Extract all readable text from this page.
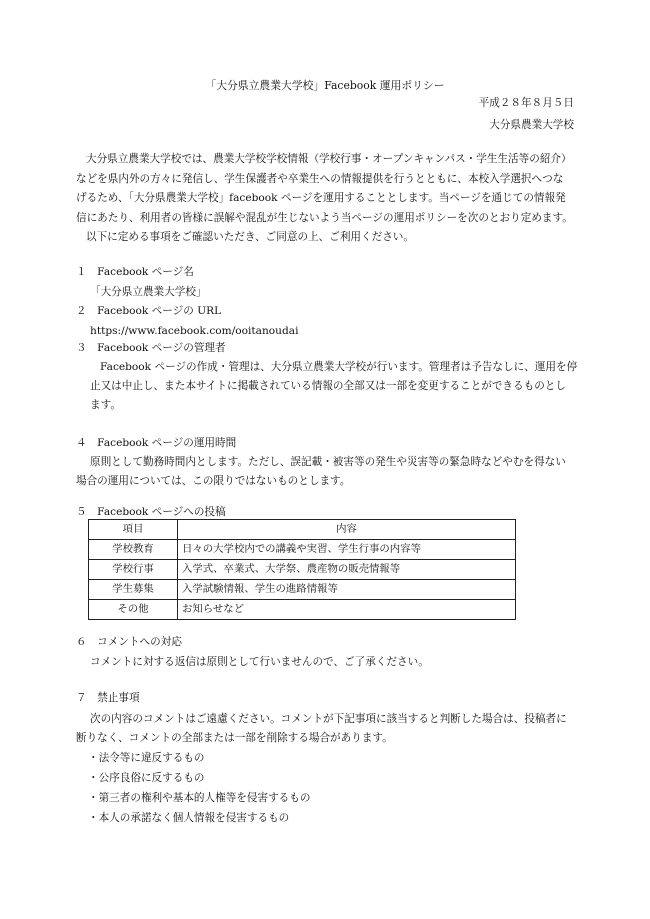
「大分県立農業大学校」Facebook 運用ポリシー
平成２８年８月５日
大分県農業大学校

大分県立農業大学校では、農業大学校学校情報（学校行事・オープンキャンパス・学生生活等の紹介）

などを県内外の方々に発信し、学生保護者や卒業生への情報提供を行うとともに、本校入学選択へつな

げるため、「大分県農業大学校」facebook ページを運用することとします。当ページを通じての情報発

信にあたり、利用者の皆様に誤解や混乱が生じないよう当ページの運用ポリシーを次のとおり定めます。

以下に定める事項をご確認いただき、ご同意の上、ご利用ください。

１　Facebook ページ名
「大分県立農業大学校」
２　Facebook ページの URL
https://www.facebook.com/ooitanoudai
３　Facebook ページの管理者
Facebook ページの作成・管理は、大分県立農業大学校が行います。管理者は予告なしに、運用を停
止又は中止し、また本サイトに掲載されている情報の全部又は一部を変更することができるものとし
ます。
４　Facebook ページの運用時間
原則として勤務時間内とします。ただし、誤記載・被害等の発生や災害等の緊急時などやむを得ない
場合の運用については、この限りではないものとします。
５　Facebook ページへの投稿
項目	内容
学校教育	日々の大学校内での講義や実習、学生行事の内容等
学校行事	入学式、卒業式、大学祭、農産物の販売情報等
学生募集	入学試験情報、学生の進路情報等
その他	お知らせなど
６　コメントへの対応
コメントに対する返信は原則として行いませんので、ご了承ください。
７　禁止事項
次の内容のコメントはご遠慮ください。コメントが下記事項に該当すると判断した場合は、投稿者に
断りなく、コメントの全部または一部を削除する場合があります。
・法令等に違反するもの
・公序良俗に反するもの
・第三者の権利や基本的人権等を侵害するもの
・本人の承諾なく個人情報を侵害するもの
